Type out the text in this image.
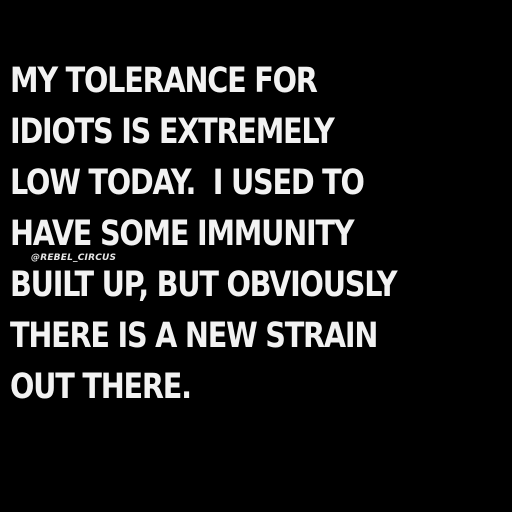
MY TOLERANCE FOR
IDIOTS IS EXTREMELY
LOW TODAY.  I USED TO
HAVE SOME IMMUNITY
BUILT UP, BUT OBVIOUSLY
THERE IS A NEW STRAIN
OUT THERE.

@REBEL_CIRCUS
